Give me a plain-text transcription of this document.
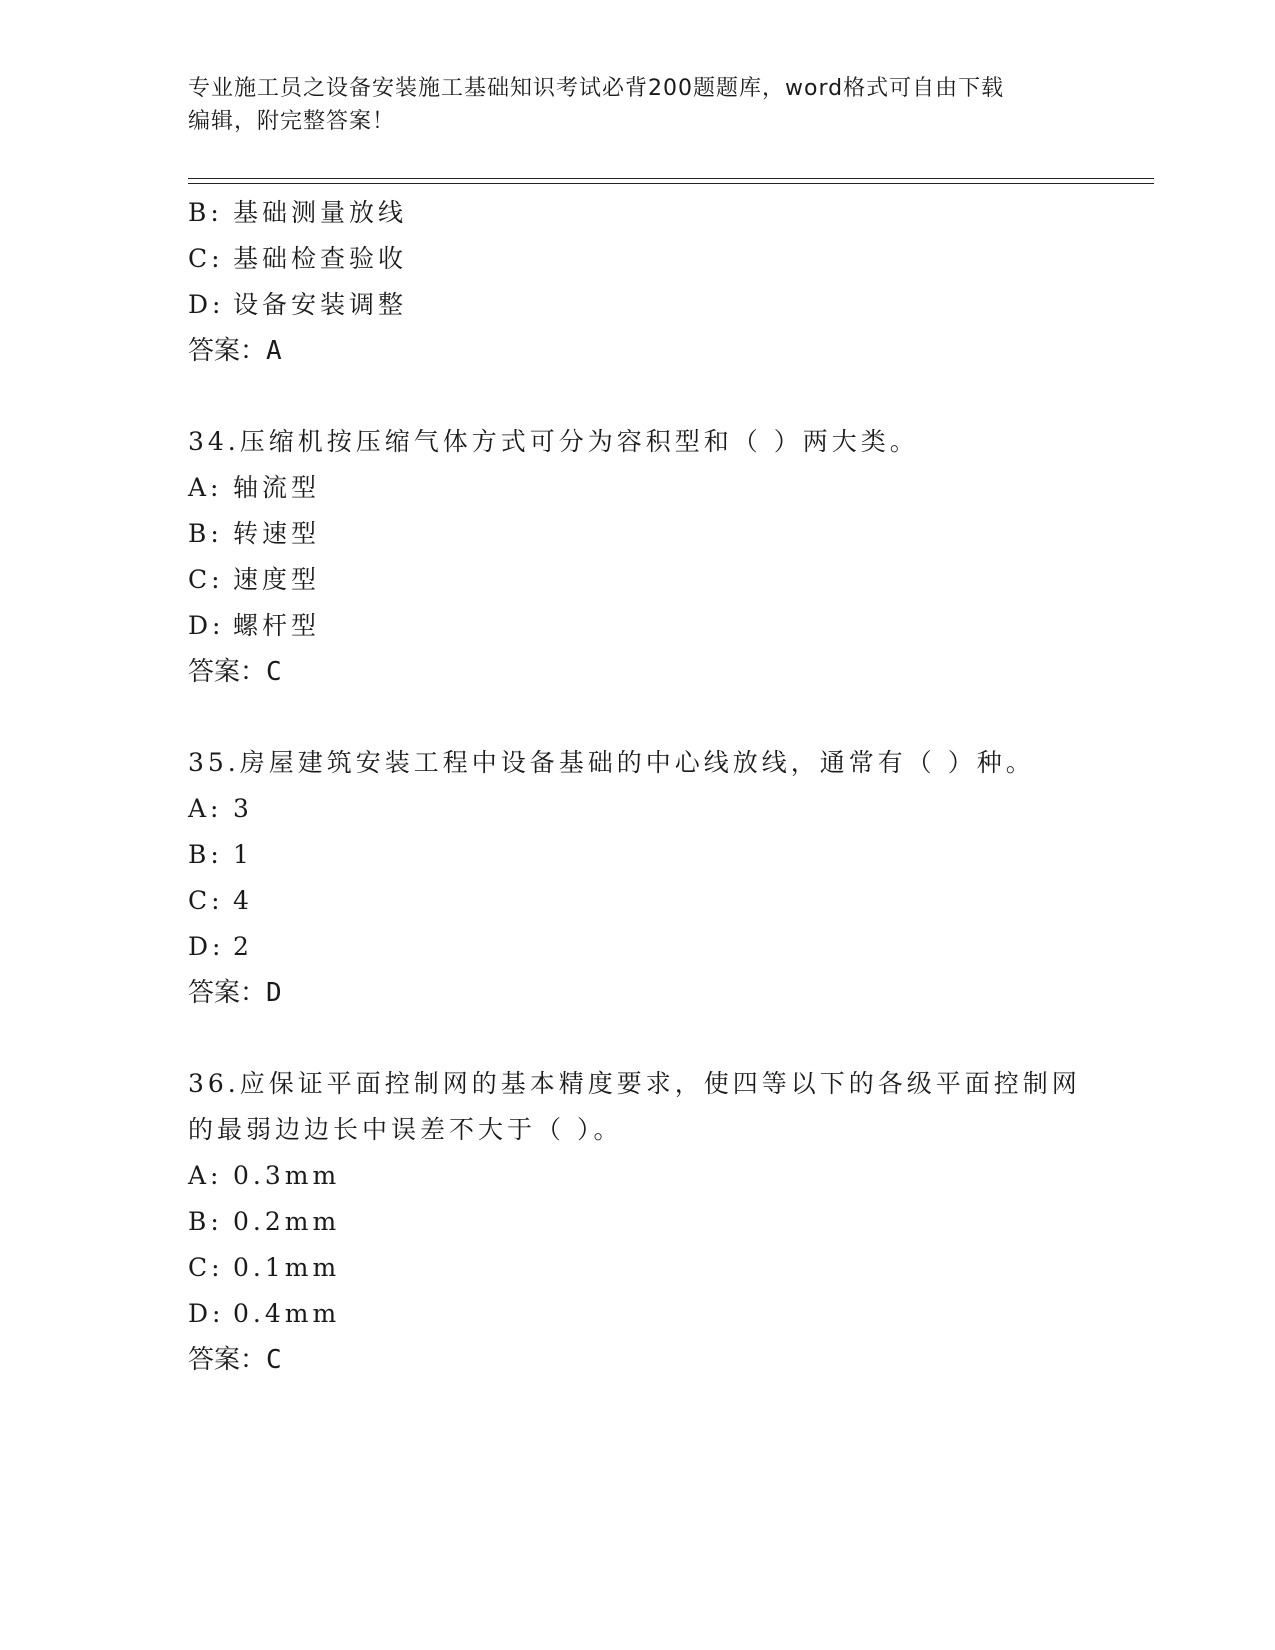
专业施工员之设备安装施工基础知识考试必背200题题库，word格式可自由下载
编辑，附完整答案！
B: 基础测量放线
C: 基础检查验收
D: 设备安装调整
答案：A
34.压缩机按压缩气体方式可分为容积型和（ ）两大类。
A: 轴流型
B: 转速型
C: 速度型
D: 螺杆型
答案：C
35.房屋建筑安装工程中设备基础的中心线放线，通常有（ ）种。
A: 3
B: 1
C: 4
D: 2
答案：D
36.应保证平面控制网的基本精度要求，使四等以下的各级平面控制网
的最弱边边长中误差不大于（ ）。
A: 0.3mm
B: 0.2mm
C: 0.1mm
D: 0.4mm
答案：C
